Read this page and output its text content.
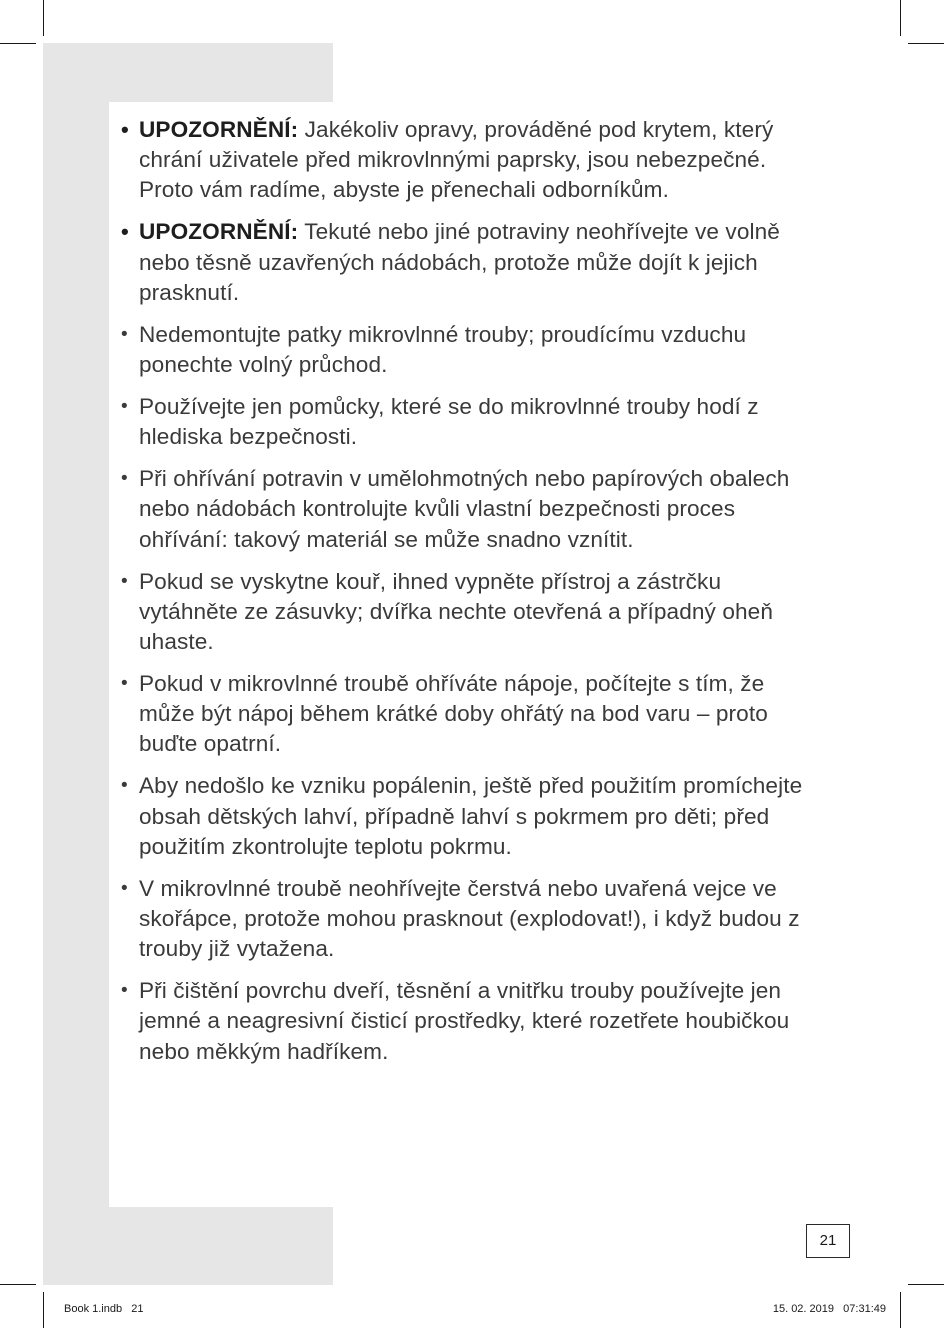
• UPOZORNĚNÍ: Jakékoliv opravy, prováděné pod krytem, který chrání uživatele před mikrovlnnými paprsky, jsou nebezpečné. Proto vám radíme, abyste je přenechali odborníkům.
• UPOZORNĚNÍ: Tekuté nebo jiné potraviny neohřívejte ve volně nebo těsně uzavřených nádobách, protože může dojít k jejich prasknutí.
• Nedemontujte patky mikrovlnné trouby; proudícímu vzduchu ponechte volný průchod.
• Používejte jen pomůcky, které se do mikrovlnné trouby hodí z hlediska bezpečnosti.
• Při ohřívání potravin v umělohmotných nebo papírových obalech nebo nádobách kontrolujte kvůli vlastní bezpečnosti proces ohřívání: takový materiál se může snadno vznítit.
• Pokud se vyskytne kouř, ihned vypněte přístroj a zástrčku vytáhněte ze zásuvky; dvířka nechte otevřená a případný oheň uhaste.
• Pokud v mikrovlnné troubě ohříváte nápoje, počítejte s tím, že může být nápoj během krátké doby ohřátý na bod varu – proto buďte opatrní.
• Aby nedošlo ke vzniku popálenin, ještě před použitím promíchejte obsah dětských lahví, případně lahví s pokrmem pro děti; před použitím zkontrolujte teplotu pokrmu.
• V mikrovlnné troubě neohřívejte čerstvá nebo uvařená vejce ve skořápce, protože mohou prasknout (explodovat!), i když budou z trouby již vytažena.
• Při čištění povrchu dveří, těsnění a vnitřku trouby používejte jen jemné a neagresivní čisticí prostředky, které rozetřete houbičkou nebo měkkým hadříkem.
21
Book 1.indb   21	15. 02. 2019   07:31:49
